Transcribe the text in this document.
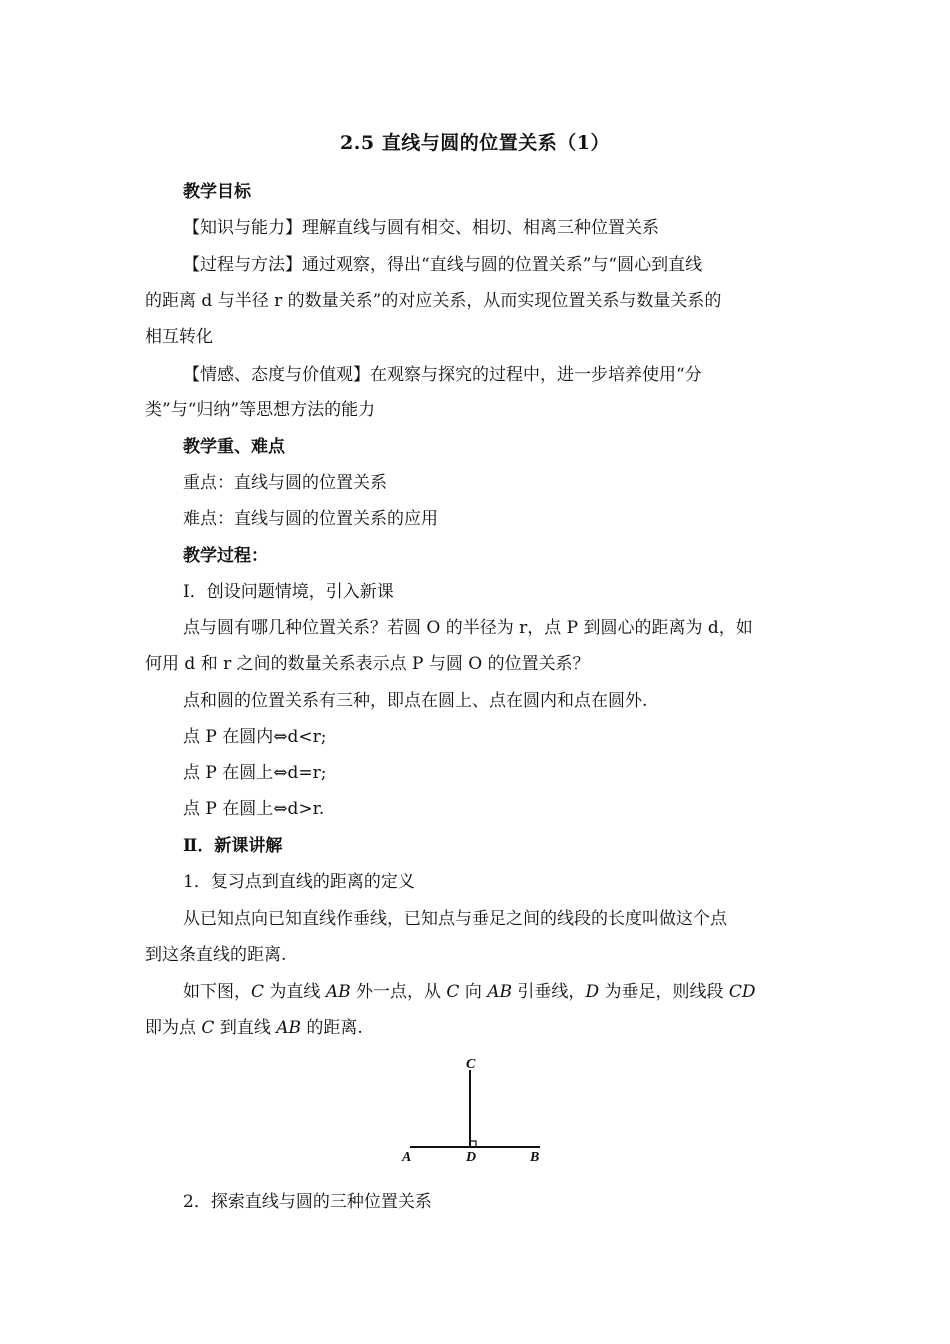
2.5 直线与圆的位置关系（1）
教学目标
【知识与能力】理解直线与圆有相交、相切、相离三种位置关系
【过程与方法】通过观察，得出“直线与圆的位置关系”与“圆心到直线
的距离 d 与半径 r 的数量关系”的对应关系，从而实现位置关系与数量关系的
相互转化
【情感、态度与价值观】在观察与探究的过程中，进一步培养使用“分
类”与“归纳”等思想方法的能力
教学重、难点
重点：直线与圆的位置关系
难点：直线与圆的位置关系的应用
教学过程：
Ⅰ．创设问题情境，引入新课
点与圆有哪几种位置关系？若圆 O 的半径为 r，点 P 到圆心的距离为 d，如
何用 d 和 r 之间的数量关系表示点 P 与圆 O 的位置关系？
点和圆的位置关系有三种，即点在圆上、点在圆内和点在圆外.
点 P 在圆内⇔d<r;
点 P 在圆上⇔d=r;
点 P 在圆上⇔d>r.
Ⅱ．新课讲解
1．复习点到直线的距离的定义
从已知点向已知直线作垂线，已知点与垂足之间的线段的长度叫做这个点
到这条直线的距离.
如下图，C 为直线 AB 外一点，从 C 向 AB 引垂线，D 为垂足，则线段 CD
即为点 C 到直线 AB 的距离.
C
A	D	B
2．探索直线与圆的三种位置关系
